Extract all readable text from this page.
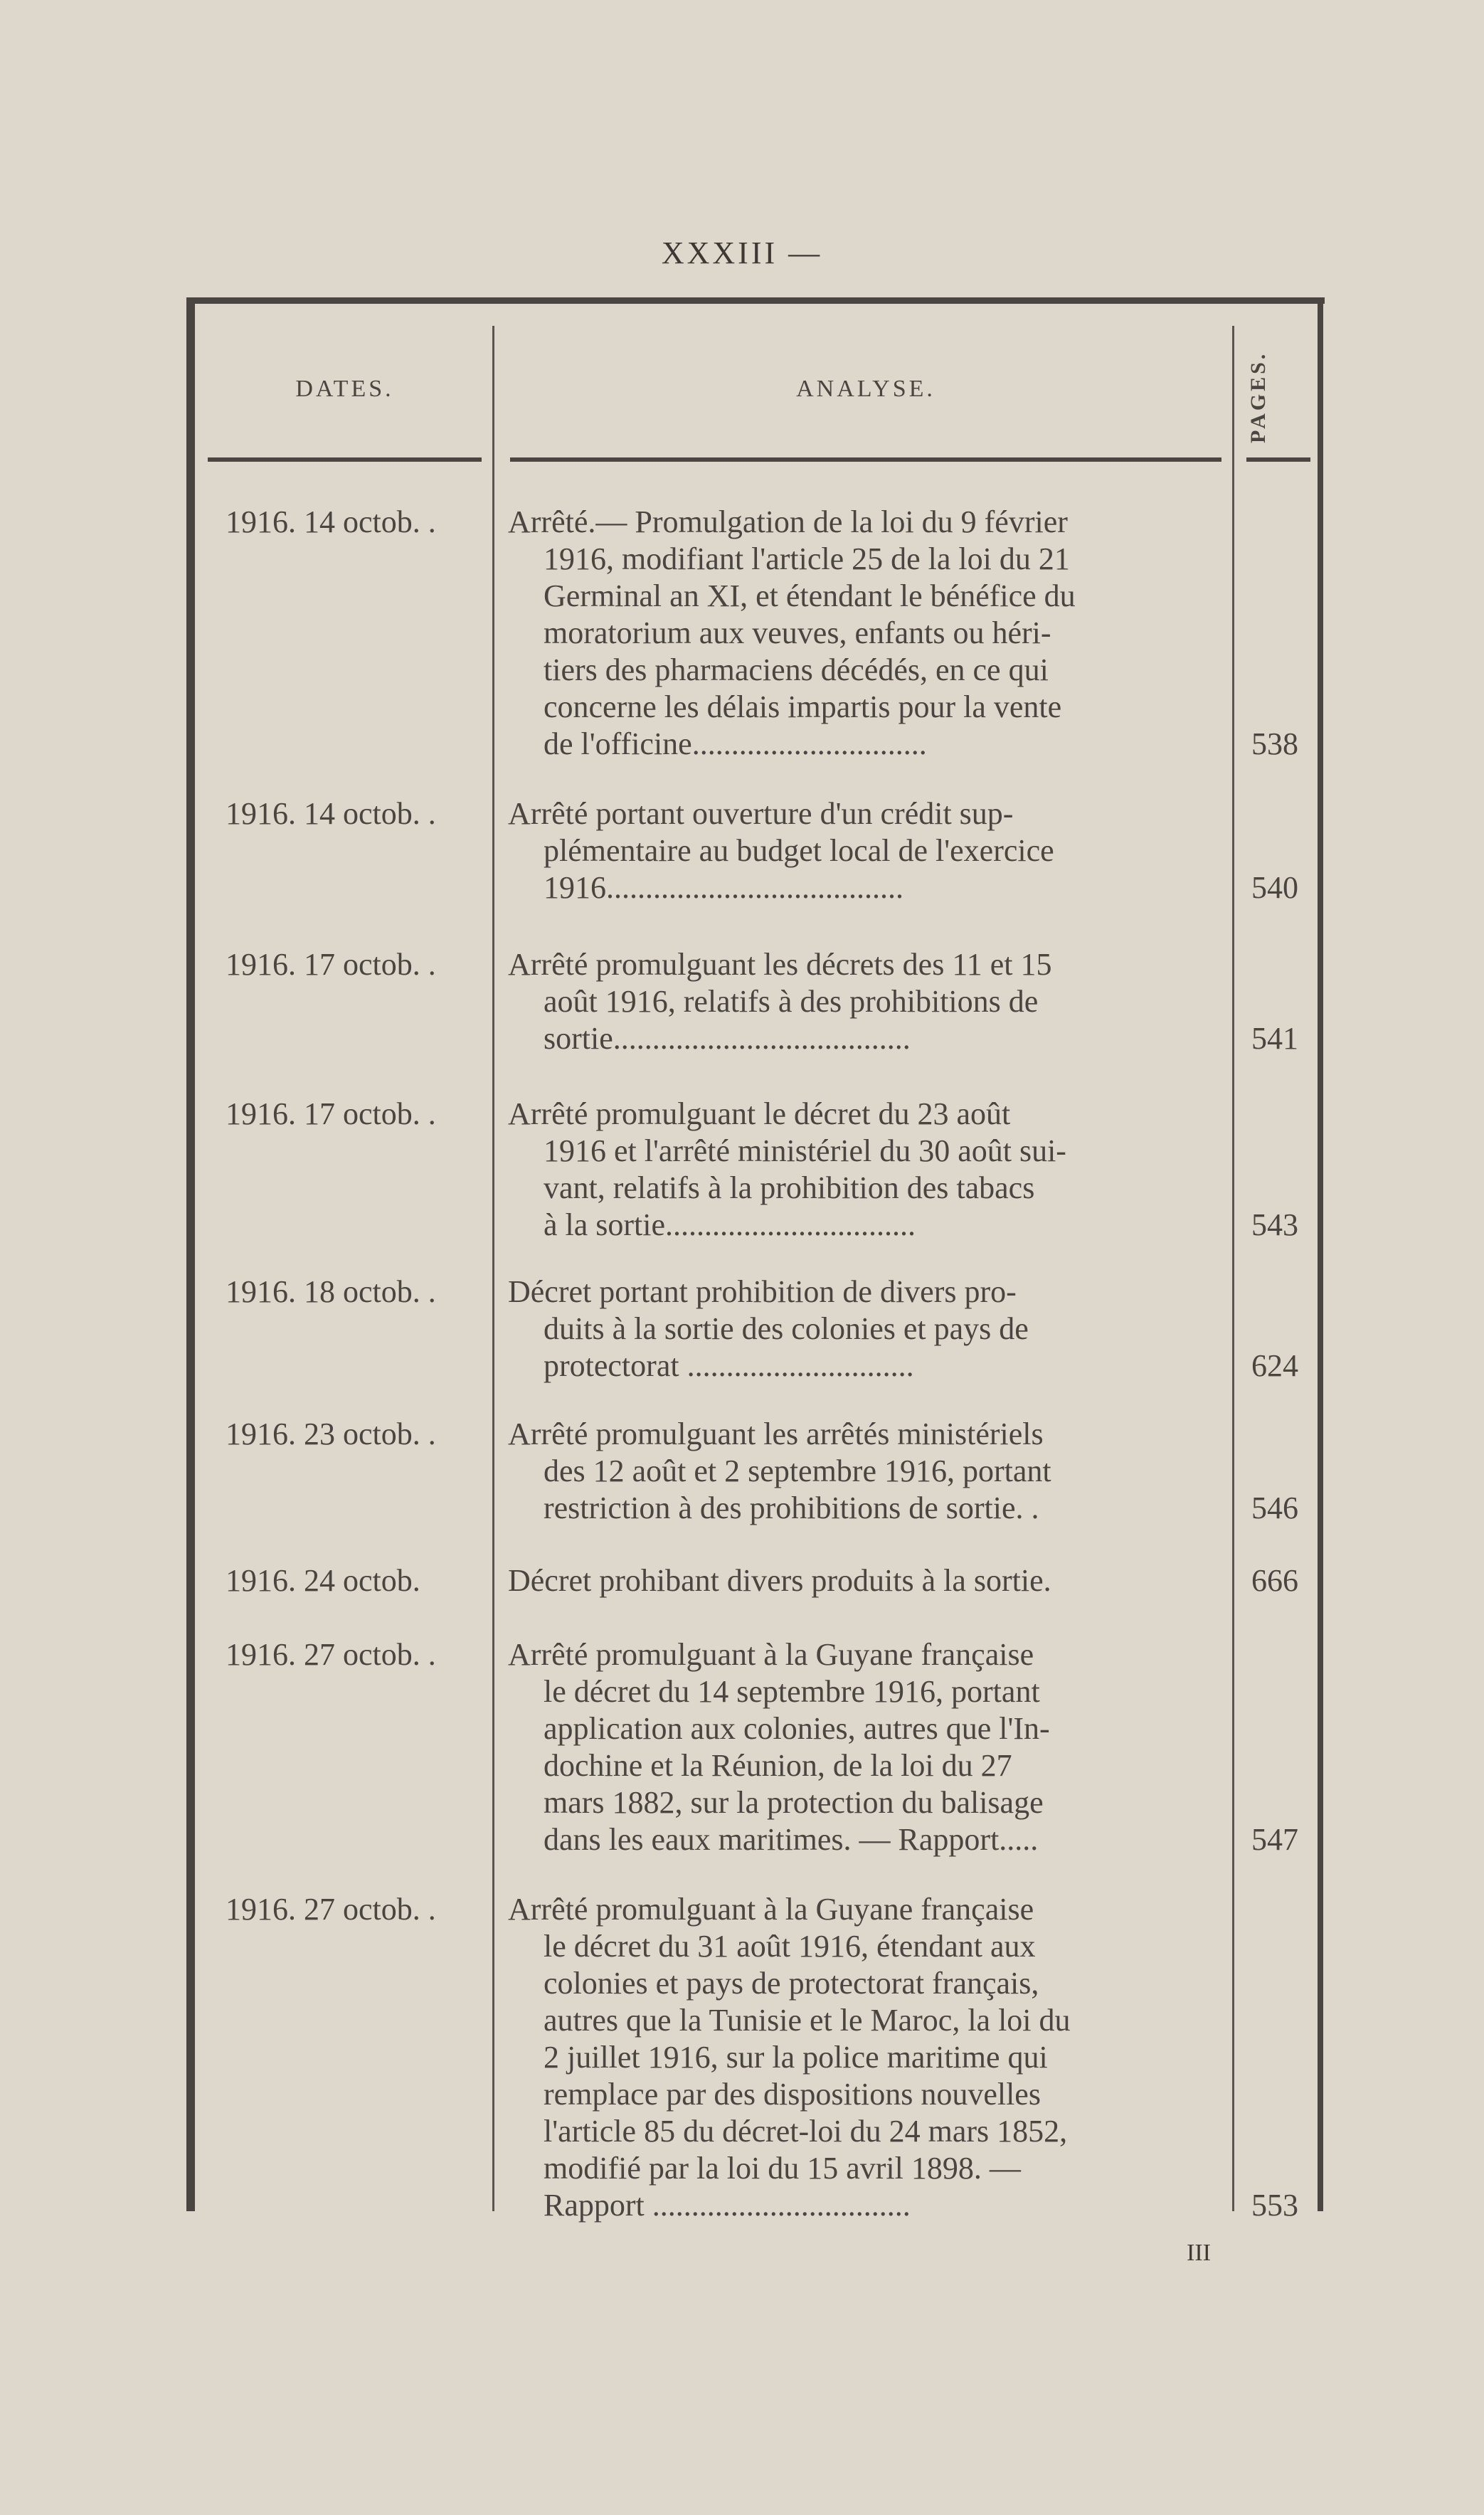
XXXIII —
DATES.	ANALYSE.	PAGES.
1916. 14 octob. . Arrêté.— Promulgation de la loi du 9 février
1916, modifiant l'article 25 de la loi du 21
Germinal an XI, et étendant le bénéfice du
moratorium aux veuves, enfants ou héri-
tiers des pharmaciens décédés, en ce qui
concerne les délais impartis pour la vente
de l'officine..............................	538
1916. 14 octob. . Arrêté portant ouverture d'un crédit sup-
plémentaire au budget local de l'exercice
1916......................................	540
1916. 17 octob. . Arrêté promulguant les décrets des 11 et 15
août 1916, relatifs à des prohibitions de
sortie......................................	541
1916. 17 octob. . Arrêté promulguant le décret du 23 août
1916 et l'arrêté ministériel du 30 août sui-
vant, relatifs à la prohibition des tabacs
à la sortie................................	543
1916. 18 octob. . Décret portant prohibition de divers pro-
duits à la sortie des colonies et pays de
protectorat .............................	624
1916. 23 octob. . Arrêté promulguant les arrêtés ministériels
des 12 août et 2 septembre 1916, portant
restriction à des prohibitions de sortie. .	546
1916. 24 octob.	Décret prohibant divers produits à la sortie.	666
1916. 27 octob. . Arrêté promulguant à la Guyane française
le décret du 14 septembre 1916, portant
application aux colonies, autres que l'In-
dochine et la Réunion, de la loi du 27
mars 1882, sur la protection du balisage
dans les eaux maritimes. — Rapport.....	547
1916. 27 octob. . Arrêté promulguant à la Guyane française
le décret du 31 août 1916, étendant aux
colonies et pays de protectorat français,
autres que la Tunisie et le Maroc, la loi du
2 juillet 1916, sur la police maritime qui
remplace par des dispositions nouvelles
l'article 85 du décret-loi du 24 mars 1852,
modifié par la loi du 15 avril 1898. —
Rapport .................................	553
III
